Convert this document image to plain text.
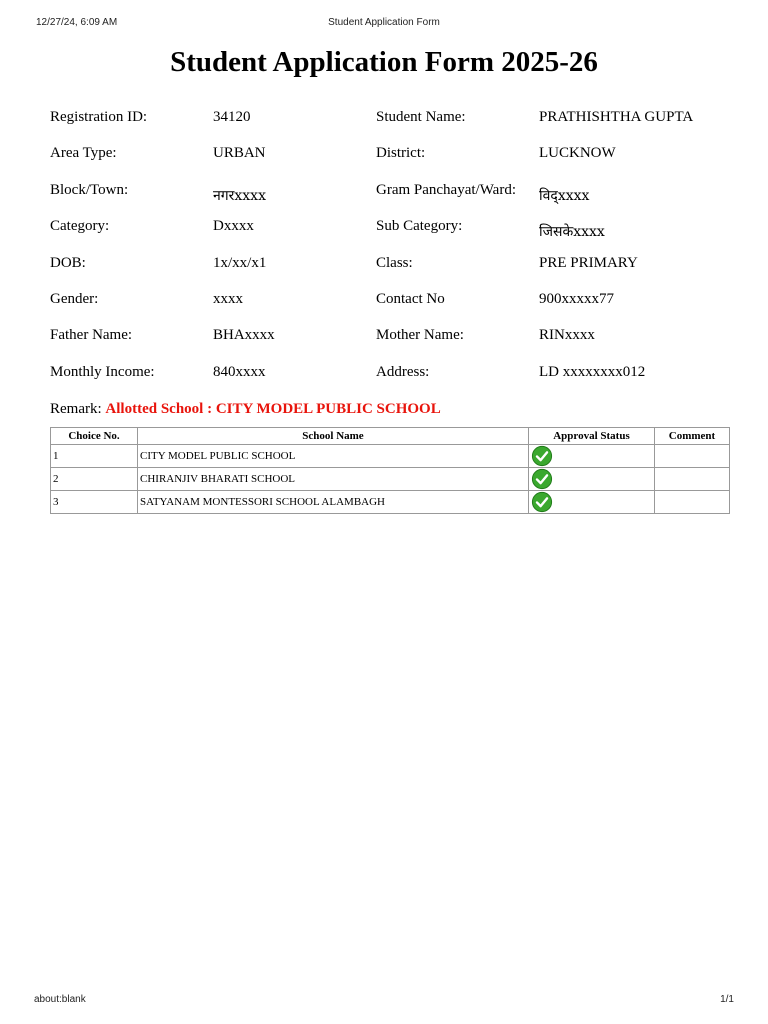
12/27/24, 6:09 AM	Student Application Form
Student Application Form 2025-26
Registration ID:	34120	Student Name:	PRATHISHTHA GUPTA
Area Type:	URBAN	District:	LUCKNOW
Block/Town:	नगरxxxx	Gram Panchayat/Ward: विद्xxxx
Category:	Dxxxx	Sub Category:	जिसकेxxxx
DOB:	1x/xx/x1	Class:	PRE PRIMARY
Gender:	xxxx	Contact No	900xxxxx77
Father Name:	BHAxxxx	Mother Name:	RINxxxx
Monthly Income:	840xxxx	Address:	LD xxxxxxxx012
Remark: Allotted School : CITY MODEL PUBLIC SCHOOL
Choice No.	School Name	Approval Status	Comment
1	CITY MODEL PUBLIC SCHOOL	

2	CHIRANJIV BHARATI SCHOOL	

3	SATYANAM MONTESSORI SCHOOL ALAMBAGH	

about:blank	1/1
